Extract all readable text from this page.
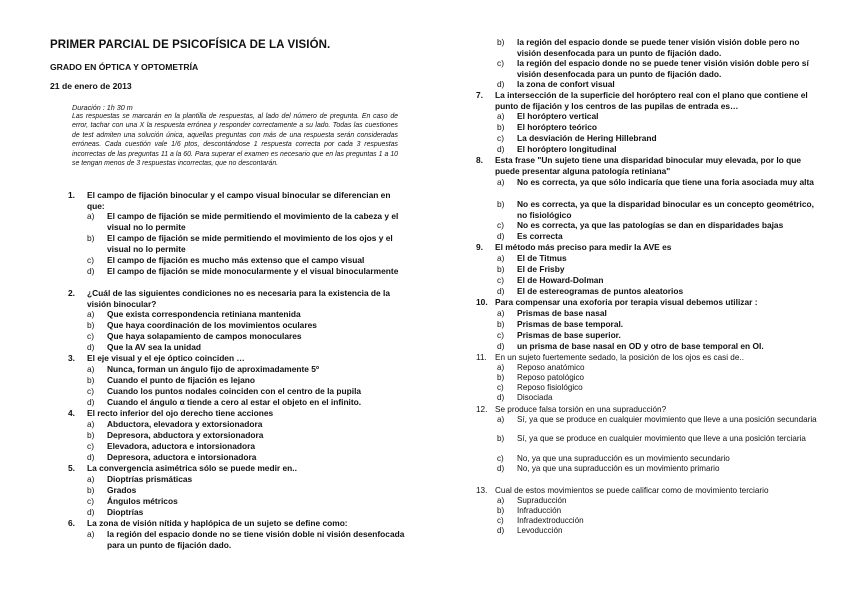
PRIMER PARCIAL DE PSICOFÍSICA DE LA VISIÓN.
GRADO EN ÓPTICA Y OPTOMETRÍA
21 de enero de 2013
Duración : 1h 30 m
Las respuestas se marcarán en la plantilla de respuestas, al lado del número de pregunta. En caso de error, tachar con una X la respuesta errónea y responder correctamente a su lado. Todas las cuestiones de test admiten una solución única, aquellas preguntas con más de una respuesta serán consideradas erróneas. Cada cuestión vale 1/6 ptos, descontándose 1 respuesta correcta por cada 3 respuestas incorrectas de las preguntas 11 a la 60. Para superar el examen es necesario que en las preguntas 1 a 10 se tengan menos de 3 respuestas incorrectas, que no descontarán.
1. El campo de fijación binocular y el campo visual binocular se diferencian en que:
a) El campo de fijación se mide permitiendo el movimiento de la cabeza y el visual no lo permite
b) El campo de fijación se mide permitiendo el movimiento de los ojos y el visual no lo permite
c) El campo de fijación es mucho más extenso que el campo visual
d) El campo de fijación se mide monocularmente y el visual binocularmente
2. ¿Cuál de las siguientes condiciones no es necesaria para la existencia de la visión binocular?
a) Que exista correspondencia retiniana mantenida
b) Que haya coordinación de los movimientos oculares
c) Que haya solapamiento de campos monoculares
d) Que la AV sea la unidad
3. El eje visual y el eje óptico coinciden …
a) Nunca, forman un ángulo fijo de aproximadamente 5º
b) Cuando el punto de fijación es lejano
c) Cuando los puntos nodales coinciden con el centro de la pupila
d) Cuando el ángulo α tiende a cero al estar el objeto en el infinito.
4. El recto inferior del ojo derecho tiene acciones
a) Abductora, elevadora y extorsionadora
b) Depresora, abductora y extorsionadora
c) Elevadora, aductora e intorsionadora
d) Depresora, aductora e intorsionadora
5. La convergencia asimétrica sólo se puede medir en..
a) Dioptrías prismáticas
b) Grados
c) Ángulos métricos
d) Dioptrías
6. La zona de visión nítida y haplópica de un sujeto se define como:
a) la región del espacio donde no se tiene visión doble ni visión desenfocada para un punto de fijación dado.
b) la región del espacio donde se puede tener visión visión doble pero no visión desenfocada para un punto de fijación dado.
c) la región del espacio donde no se puede tener visión visión doble pero sí visión desenfocada para un punto de fijación dado.
d) la zona de confort visual
7. La intersección de la superficie del horóptero real con el plano que contiene el punto de fijación y los centros de las pupilas de entrada es…
a) El horóptero vertical
b) El horóptero teórico
c) La desviación de Hering Hillebrand
d) El horóptero longitudinal
8. Esta frase "Un sujeto tiene una disparidad binocular muy elevada, por lo que puede presentar alguna patología retiniana"
a) No es correcta, ya que sólo indicaría que tiene una foria asociada muy alta
b) No es correcta, ya que la disparidad binocular es un concepto geométrico, no fisiológico
c) No es correcta, ya que las patologías se dan en disparidades bajas
d) Es correcta
9. El método más preciso para medir la AVE es
a) El de Titmus
b) El de Frisby
c) El de Howard-Dolman
d) El de estereogramas de puntos aleatorios
10. Para compensar una exoforia por terapia visual debemos utilizar :
a) Prismas de base nasal
b) Prismas de base temporal.
c) Prismas de base superior.
d) un prisma de base nasal en OD y otro de base temporal en OI.
11. En un sujeto fuertemente sedado, la posición de los ojos es casi de..
a) Reposo anatómico
b) Reposo patológico
c) Reposo fisiológico
d) Disociada
12. Se produce falsa torsión en una supraducción?
a) Sí, ya que se produce en cualquier movimiento que lleve a una posición secundaria
b) Sí, ya que se produce en cualquier movimiento que lleve a una posición terciaria
c) No, ya que una supraducción es un movimiento secundario
d) No, ya que una supraducción es un movimiento primario
13. Cual de estos movimientos se puede calificar como de movimiento terciario
a) Supraducción
b) Infraducción
c) Infradextroducción
d) Levoducción
